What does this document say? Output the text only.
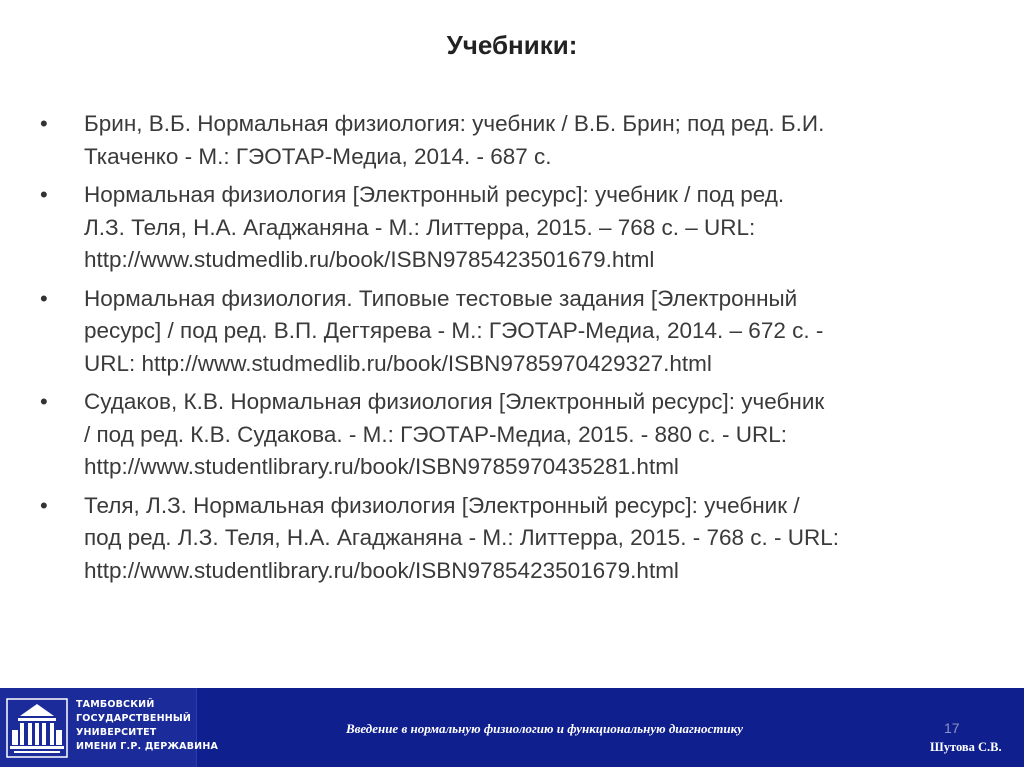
Учебники:
•	Брин, В.Б. Нормальная физиология: учебник / В.Б. Брин; под ред. Б.И.
Ткаченко - М.: ГЭОТАР-Медиа, 2014. - 687 с.
•	Нормальная физиология [Электронный ресурс]: учебник / под ред.
Л.З. Теля, Н.А. Агаджаняна - М.: Литтерра, 2015. – 768 с. – URL:
http://www.studmedlib.ru/book/ISBN9785423501679.html
•	Нормальная физиология. Типовые тестовые задания [Электронный
ресурс] / под ред. В.П. Дегтярева - М.: ГЭОТАР-Медиа, 2014. – 672 с. -
URL: http://www.studmedlib.ru/book/ISBN9785970429327.html
•	Судаков, К.В. Нормальная физиология [Электронный ресурс]: учебник
/ под ред. К.В. Судакова. - М.: ГЭОТАР-Медиа, 2015. - 880 с. - URL:
http://www.studentlibrary.ru/book/ISBN9785970435281.html
•	Теля, Л.З. Нормальная физиология [Электронный ресурс]: учебник /
под ред. Л.З. Теля, Н.А. Агаджаняна - М.: Литтерра, 2015. - 768 с. - URL:
http://www.studentlibrary.ru/book/ISBN9785423501679.html
ТАМБОВСКИЙ
ГОСУДАРСТВЕННЫЙ
УНИВЕРСИТЕТ
ИМЕНИ Г.Р. ДЕРЖАВИНА
Введение в нормальную физиологию и функциональную диагностику	17
Шутова С.В.
